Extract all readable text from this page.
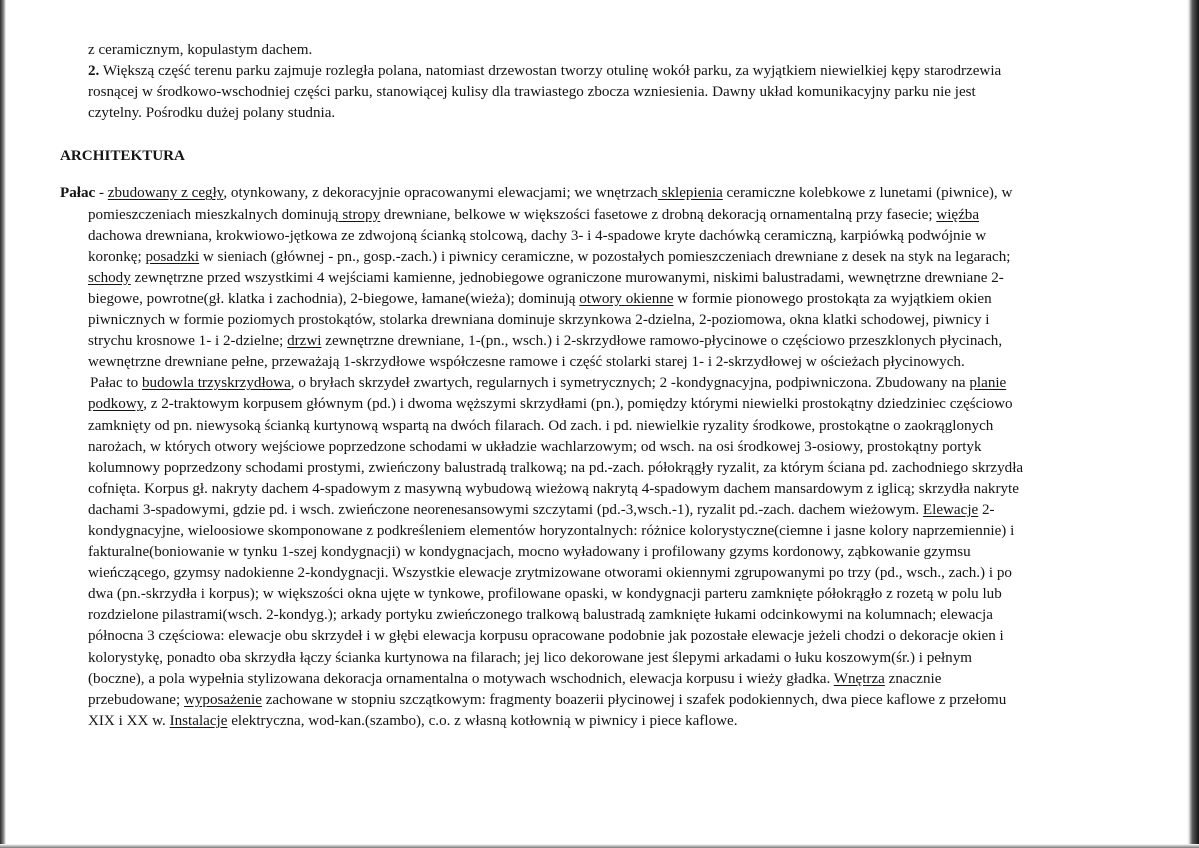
z ceramicznym, kopulastym dachem.
2. Większą część terenu parku zajmuje rozległa polana, natomiast drzewostan tworzy otulinę wokół parku, za wyjątkiem niewielkiej kępy starodrzewia
rosnącej w środkowo-wschodniej części parku, stanowiącej kulisy dla trawiastego zbocza wzniesienia. Dawny układ komunikacyjny parku nie jest
czytelny. Pośrodku dużej polany studnia.
ARCHITEKTURA
Pałac - zbudowany z cegły, otynkowany, z dekoracyjnie opracowanymi elewacjami; we wnętrzach sklepienia ceramiczne kolebkowe z lunetami (piwnice), w
pomieszczeniach mieszkalnych dominują stropy drewniane, belkowe w większości fasetowe z drobną dekoracją ornamentalną przy fasecie; więźba
dachowa drewniana, krokwiowo-jętkowa ze zdwojoną ścianką stolcową, dachy 3- i 4-spadowe kryte dachówką ceramiczną, karpiówką podwójnie w
koronkę; posadzki w sieniach (głównej - pn., gosp.-zach.) i piwnicy ceramiczne, w pozostałych pomieszczeniach drewniane z desek na styk na legarach;
schody zewnętrzne przed wszystkimi 4 wejściami kamienne, jednobiegowe ograniczone murowanymi, niskimi balustradami, wewnętrzne drewniane 2-
biegowe, powrotne(gł. klatka i zachodnia), 2-biegowe, łamane(wieża); dominują otwory okienne w formie pionowego prostokąta za wyjątkiem okien
piwnicznych w formie poziomych prostokątów, stolarka drewniana dominuje skrzynkowa 2-dzielna, 2-poziomowa, okna klatki schodowej, piwnicy i
strychu krosnowe 1- i 2-dzielne; drzwi zewnętrzne drewniane, 1-(pn., wsch.) i 2-skrzydłowe ramowo-płycinowe o częściowo przeszklonych płycinach,
wewnętrzne drewniane pełne, przeważają 1-skrzydłowe współczesne ramowe i część stolarki starej 1- i 2-skrzydłowej w ościeżach płycinowych.
Pałac to budowla trzyskrzydłowa, o bryłach skrzydeł zwartych, regularnych i symetrycznych; 2 -kondygnacyjna, podpiwniczona. Zbudowany na planie
podkowy, z 2-traktowym korpusem głównym (pd.) i dwoma węższymi skrzydłami (pn.), pomiędzy którymi niewielki prostokątny dziedziniec częściowo
zamknięty od pn. niewysoką ścianką kurtynową wspartą na dwóch filarach. Od zach. i pd. niewielkie ryzality środkowe, prostokątne o zaokrąglonych
narożach, w których otwory wejściowe poprzedzone schodami w układzie wachlarzowym; od wsch. na osi środkowej 3-osiowy, prostokątny portyk
kolumnowy poprzedzony schodami prostymi, zwieńczony balustradą tralkową; na pd.-zach. półokrągły ryzalit, za którym ściana pd. zachodniego skrzydła
cofnięta. Korpus gł. nakryty dachem 4-spadowym z masywną wybudową wieżową nakrytą 4-spadowym dachem mansardowym z iglicą; skrzydła nakryte
dachami 3-spadowymi, gdzie pd. i wsch. zwieńczone neorenesansowymi szczytami (pd.-3,wsch.-1), ryzalit pd.-zach. dachem wieżowym. Elewacje 2-
kondygnacyjne, wieloosiowe skomponowane z podkreśleniem elementów horyzontalnych: różnice kolorystyczne(ciemne i jasne kolory naprzemiennie) i
fakturalne(boniowanie w tynku 1-szej kondygnacji) w kondygnacjach, mocno wyładowany i profilowany gzyms kordonowy, ząbkowanie gzymsu
wieńczącego, gzymsy nadokienne 2-kondygnacji. Wszystkie elewacje zrytmizowane otworami okiennymi zgrupowanymi po trzy (pd., wsch., zach.) i po
dwa (pn.-skrzydła i korpus); w większości okna ujęte w tynkowe, profilowane opaski, w kondygnacji parteru zamknięte półokrągło z rozetą w polu lub
rozdzielone pilastrami(wsch. 2-kondyg.); arkady portyku zwieńczonego tralkową balustradą zamknięte łukami odcinkowymi na kolumnach; elewacja
północna 3 częściowa: elewacje obu skrzydeł i w głębi elewacja korpusu opracowane podobnie jak pozostałe elewacje jeżeli chodzi o dekoracje okien i
kolorystykę, ponadto oba skrzydła łączy ścianka kurtynowa na filarach; jej lico dekorowane jest ślepymi arkadami o łuku koszowym(śr.) i pełnym
(boczne), a pola wypełnia stylizowana dekoracja ornamentalna o motywach wschodnich, elewacja korpusu i wieży gładka. Wnętrza znacznie
przebudowane; wyposażenie zachowane w stopniu szczątkowym: fragmenty boazerii płycinowej i szafek podokiennych, dwa piece kaflowe z przełomu
XIX i XX w. Instalacje elektryczna, wod-kan.(szambo), c.o. z własną kotłownią w piwnicy i piece kaflowe.
